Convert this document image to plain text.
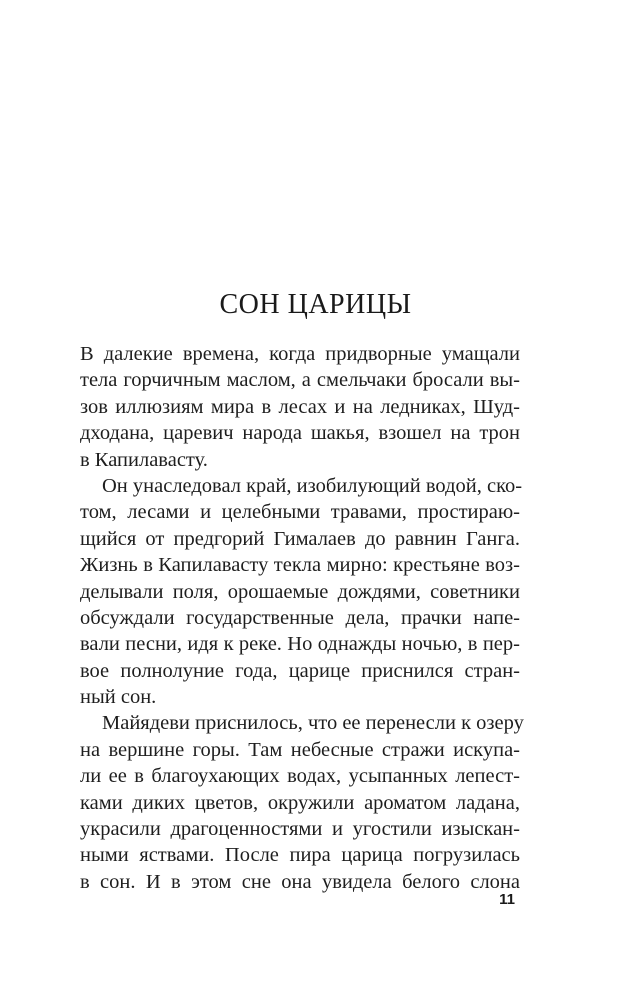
СОН ЦАРИЦЫ
В далекие времена, когда придворные умащали
тела горчичным маслом, а смельчаки бросали вы-
зов иллюзиям мира в лесах и на ледниках, Шуд-
дходана, царевич народа шакья, взошел на трон
в Капилавасту.
Он унаследовал край, изобилующий водой, ско-
том, лесами и целебными травами, простираю-
щийся от предгорий Гималаев до равнин Ганга.
Жизнь в Капилавасту текла мирно: крестьяне воз-
делывали поля, орошаемые дождями, советники
обсуждали государственные дела, прачки напе-
вали песни, идя к реке. Но однажды ночью, в пер-
вое полнолуние года, царице приснился стран-
ный сон.
Майядеви приснилось, что ее перенесли к озеру
на вершине горы. Там небесные стражи искупа-
ли ее в благоухающих водах, усыпанных лепест-
ками диких цветов, окружили ароматом ладана,
украсили драгоценностями и угостили изыскан-
ными яствами. После пира царица погрузилась
в сон. И в этом сне она увидела белого слона
11
